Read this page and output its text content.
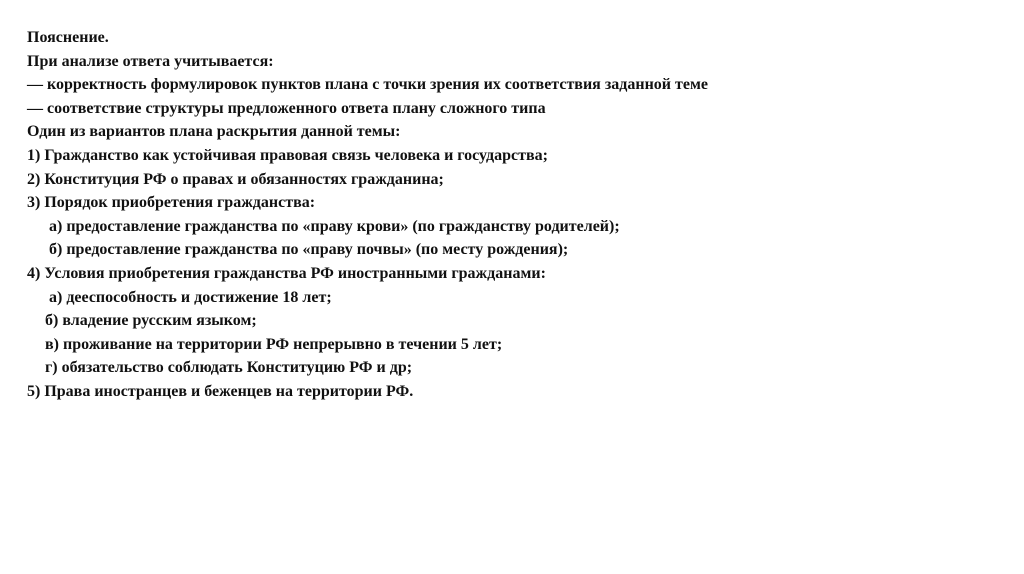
Пояснение.
При анализе ответа учитывается:
— корректность формулировок пунктов плана с точки зрения их соответствия заданной теме
— соответствие структуры предложенного ответа плану сложного типа
Один из вариантов плана раскрытия данной темы:
1) Гражданство как устойчивая правовая связь человека и государства;
2) Конституция РФ о правах и обязанностях гражданина;
3) Порядок приобретения гражданства:
а) предоставление гражданства по «праву крови» (по гражданству родителей);
б) предоставление гражданства по «праву почвы» (по месту рождения);
4) Условия приобретения гражданства РФ иностранными гражданами:
а) дееспособность и достижение 18 лет;
б) владение русским языком;
в) проживание на территории РФ непрерывно в течении 5 лет;
г) обязательство соблюдать Конституцию РФ и др;
5) Права иностранцев и беженцев на территории РФ.
